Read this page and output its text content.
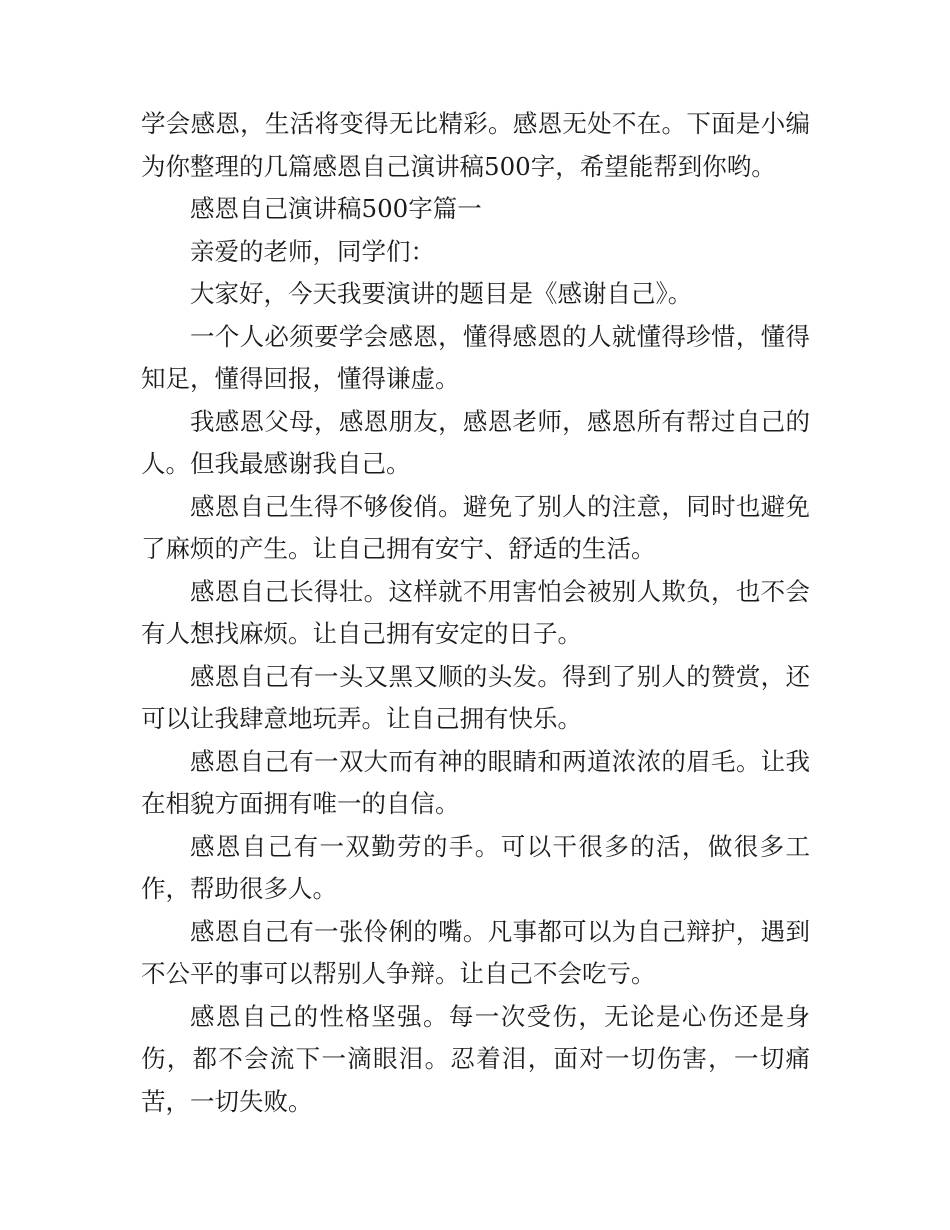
学会感恩，生活将变得无比精彩。感恩无处不在。下面是小编为你整理的几篇感恩自己演讲稿500字，希望能帮到你哟。

感恩自己演讲稿500字篇一

亲爱的老师，同学们：

大家好，今天我要演讲的题目是《感谢自己》。

一个人必须要学会感恩，懂得感恩的人就懂得珍惜，懂得知足，懂得回报，懂得谦虚。

我感恩父母，感恩朋友，感恩老师，感恩所有帮过自己的人。但我最感谢我自己。

感恩自己生得不够俊俏。避免了别人的注意，同时也避免了麻烦的产生。让自己拥有安宁、舒适的生活。

感恩自己长得壮。这样就不用害怕会被别人欺负，也不会有人想找麻烦。让自己拥有安定的日子。

感恩自己有一头又黑又顺的头发。得到了别人的赞赏，还可以让我肆意地玩弄。让自己拥有快乐。

感恩自己有一双大而有神的眼睛和两道浓浓的眉毛。让我在相貌方面拥有唯一的自信。

感恩自己有一双勤劳的手。可以干很多的活，做很多工作，帮助很多人。

感恩自己有一张伶俐的嘴。凡事都可以为自己辩护，遇到不公平的事可以帮别人争辩。让自己不会吃亏。

感恩自己的性格坚强。每一次受伤，无论是心伤还是身伤，都不会流下一滴眼泪。忍着泪，面对一切伤害，一切痛苦，一切失败。
